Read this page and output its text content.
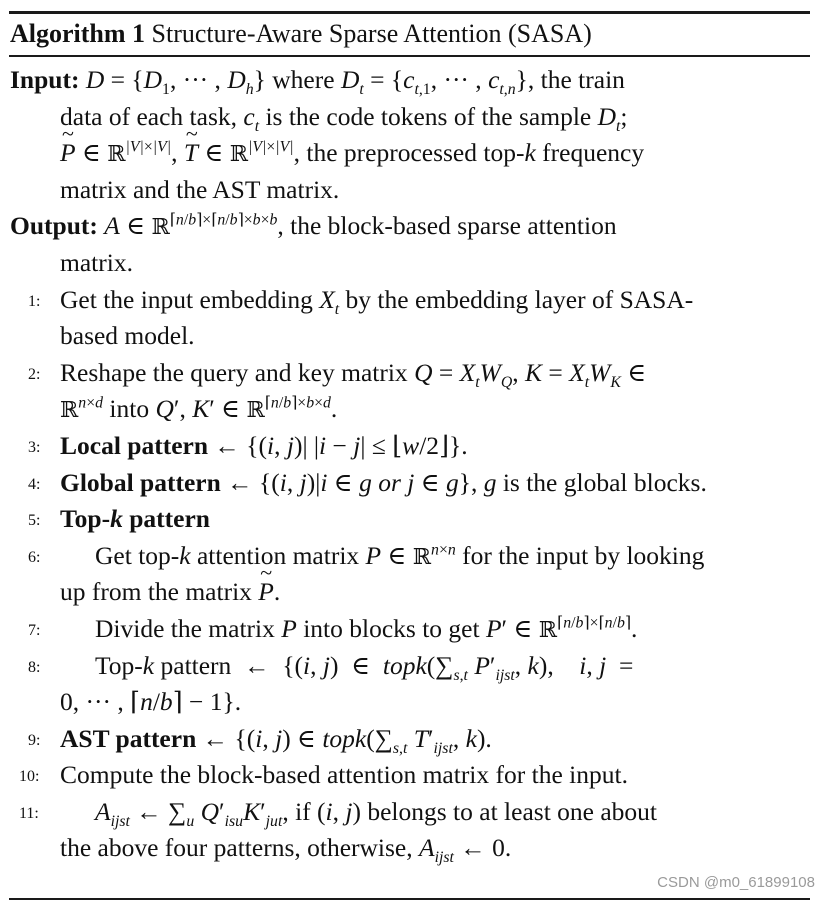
Algorithm 1 Structure-Aware Sparse Attention (SASA)
Input: $D = \{D_1$, ··· , $D_h$} where $D_t = \{c_{t,1}$, ··· , $c_{t,n}$}, the train
data of each task, $c_t$ is the code tokens of the sample $D_t$;
~ P ∈ ℝ$^{|V|\times|V|}$, ~ T ∈ ℝ$^{|V|\times|V|}$, the preprocessed top-k frequency
matrix and the AST matrix.
Output: A ∈ ℝ$^{⌈n/b⌉\times⌈n/b⌉\times b\times b}$, the block-based sparse attention
matrix.
1: Get the input embedding $X_t$ by the embedding layer of SASA-
based model.
2: Reshape the query and key matrix $Q = X_tW_Q$, $K = X_tW_K$ ∈
ℝ$^{n\times d}$ into Q′, K′ ∈ ℝ$^{⌈n/b⌉\times b\times d}$.
3: Local pattern ← {(i, j)| |i − j| ≤ ⌊w/2⌋}.
4: Global pattern ← {(i, j)|i ∈ g or j ∈ g}, g is the global blocks.
5: Top-k pattern
6: Get top-k attention matrix P ∈ ℝ$^{n\times n}$ for the input by looking
up from the matrix ~ P.
7: Divide the matrix P into blocks to get P′ ∈ ℝ$^{⌈n/b⌉\times⌈n/b⌉}$.
8: Top-k pattern  ←  {(i, j)  ∈  $topk(\sum_{s,t}$ $P'_{ijst}$, k),    i, j  =
0, ··· , ⌈n/b⌉ − 1}.
9: AST pattern ← {(i, j) ∈ $topk(\sum_{s,t}$ $T'_{ijst}$, k).
10: Compute the block-based attention matrix for the input.
11: $A_{ijst}$ ← $\sum_u$ $Q'_{isu}K'_{jut}$, if (i, j) belongs to at least one about
the above four patterns, otherwise, $A_{ijst}$ ← 0.
CSDN @m0_61899108
